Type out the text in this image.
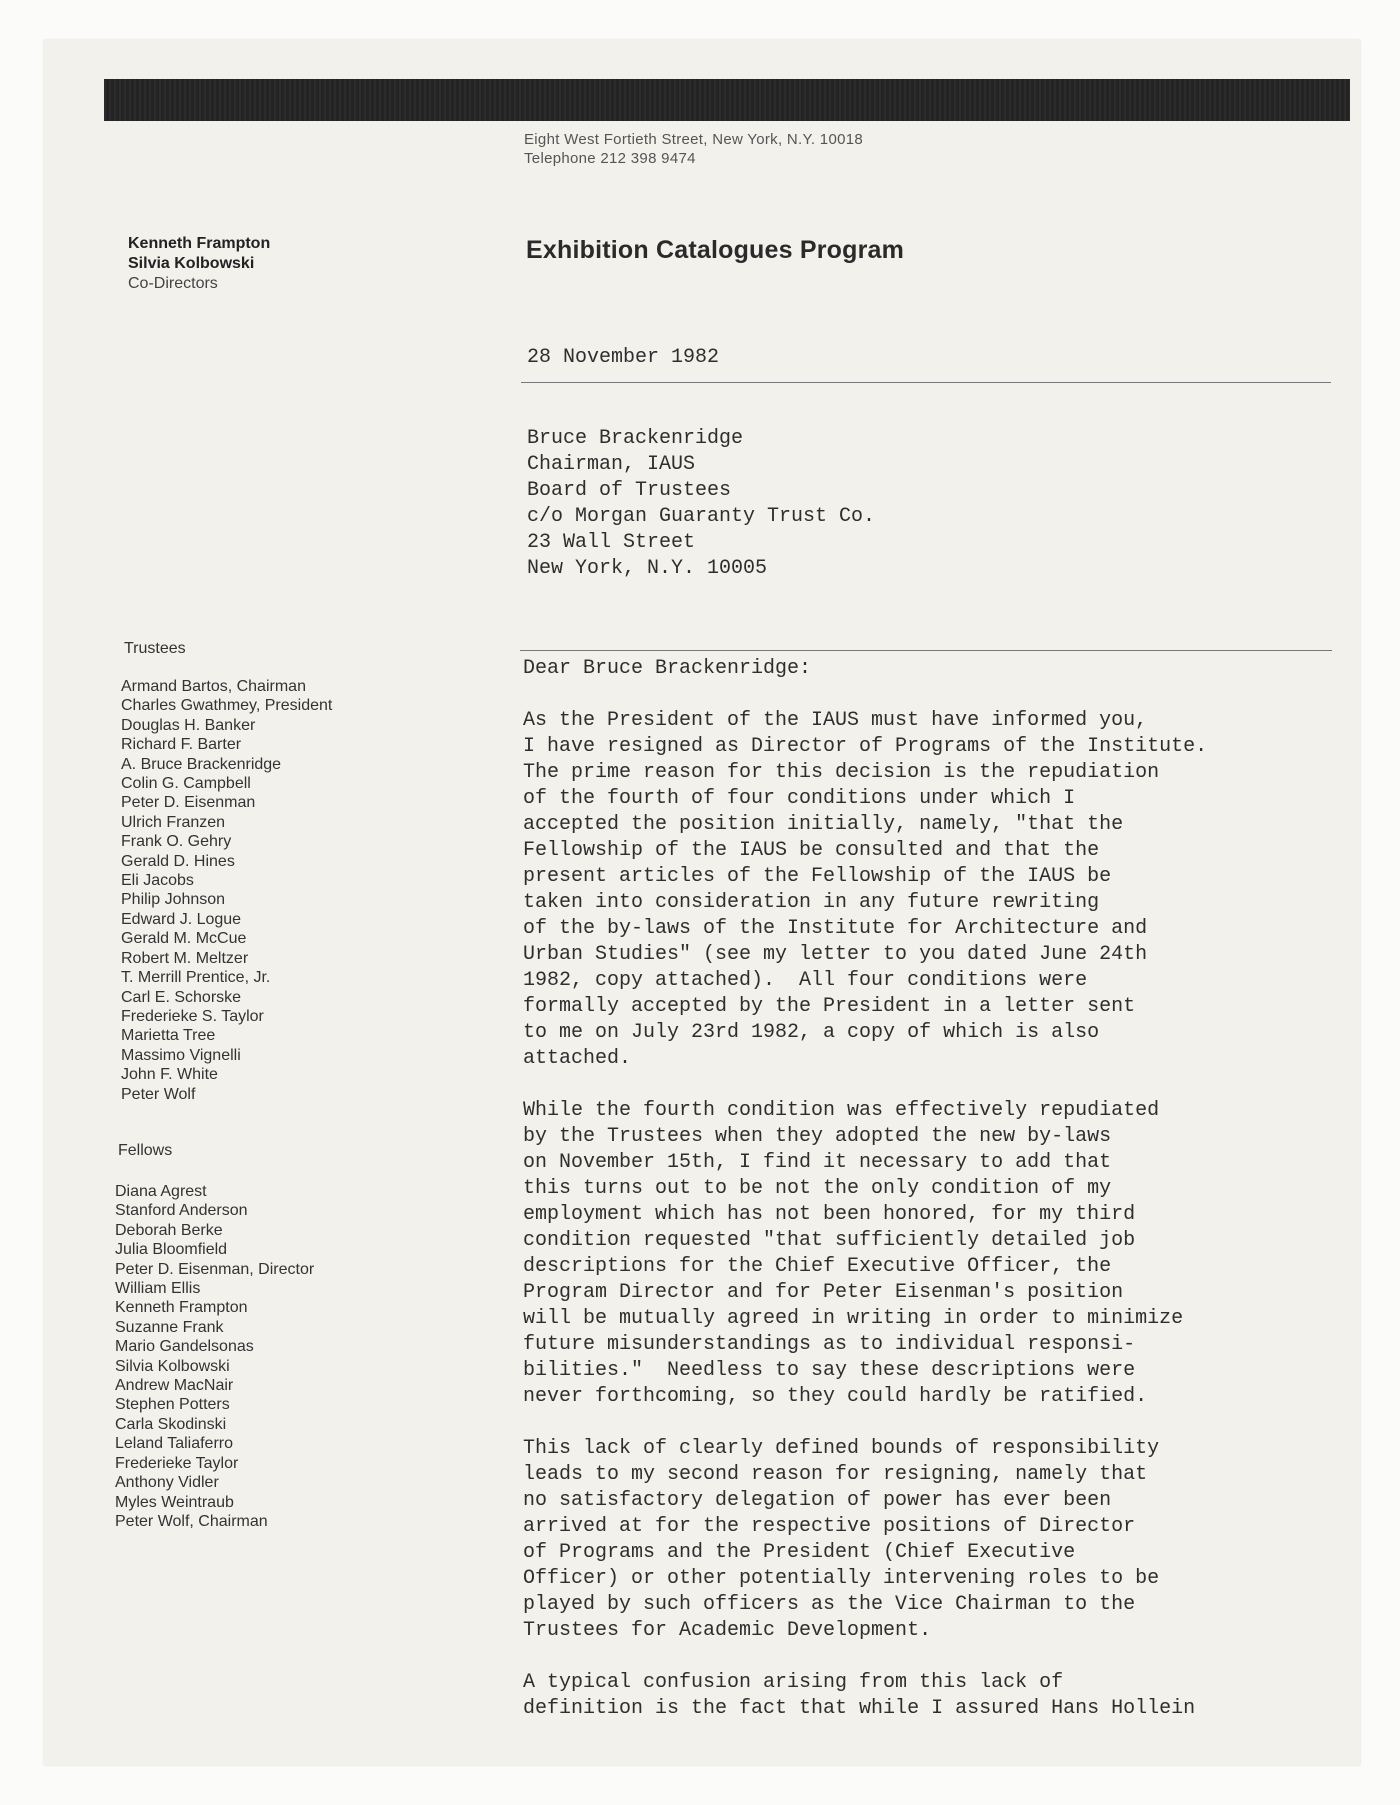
Eight West Fortieth Street, New York, N.Y. 10018
Telephone 212 398 9474
Kenneth Frampton
Silvia Kolbowski
Co-Directors
Exhibition Catalogues Program
28 November 1982
Bruce Brackenridge
Chairman, IAUS
Board of Trustees
c/o Morgan Guaranty Trust Co.
23 Wall Street
New York, N.Y. 10005
Trustees
Armand Bartos, Chairman
Charles Gwathmey, President
Douglas H. Banker
Richard F. Barter
A. Bruce Brackenridge
Colin G. Campbell
Peter D. Eisenman
Ulrich Franzen
Frank O. Gehry
Gerald D. Hines
Eli Jacobs
Philip Johnson
Edward J. Logue
Gerald M. McCue
Robert M. Meltzer
T. Merrill Prentice, Jr.
Carl E. Schorske
Frederieke S. Taylor
Marietta Tree
Massimo Vignelli
John F. White
Peter Wolf
Fellows
Diana Agrest
Stanford Anderson
Deborah Berke
Julia Bloomfield
Peter D. Eisenman, Director
William Ellis
Kenneth Frampton
Suzanne Frank
Mario Gandelsonas
Silvia Kolbowski
Andrew MacNair
Stephen Potters
Carla Skodinski
Leland Taliaferro
Frederieke Taylor
Anthony Vidler
Myles Weintraub
Peter Wolf, Chairman
Dear Bruce Brackenridge:
As the President of the IAUS must have informed you,
I have resigned as Director of Programs of the Institute.
The prime reason for this decision is the repudiation
of the fourth of four conditions under which I
accepted the position initially, namely, "that the
Fellowship of the IAUS be consulted and that the
present articles of the Fellowship of the IAUS be
taken into consideration in any future rewriting
of the by-laws of the Institute for Architecture and
Urban Studies" (see my letter to you dated June 24th
1982, copy attached).  All four conditions were
formally accepted by the President in a letter sent
to me on July 23rd 1982, a copy of which is also
attached.
While the fourth condition was effectively repudiated
by the Trustees when they adopted the new by-laws
on November 15th, I find it necessary to add that
this turns out to be not the only condition of my
employment which has not been honored, for my third
condition requested "that sufficiently detailed job
descriptions for the Chief Executive Officer, the
Program Director and for Peter Eisenman's position
will be mutually agreed in writing in order to minimize
future misunderstandings as to individual responsi-
bilities."  Needless to say these descriptions were
never forthcoming, so they could hardly be ratified.
This lack of clearly defined bounds of responsibility
leads to my second reason for resigning, namely that
no satisfactory delegation of power has ever been
arrived at for the respective positions of Director
of Programs and the President (Chief Executive
Officer) or other potentially intervening roles to be
played by such officers as the Vice Chairman to the
Trustees for Academic Development.
A typical confusion arising from this lack of
definition is the fact that while I assured Hans Hollein
